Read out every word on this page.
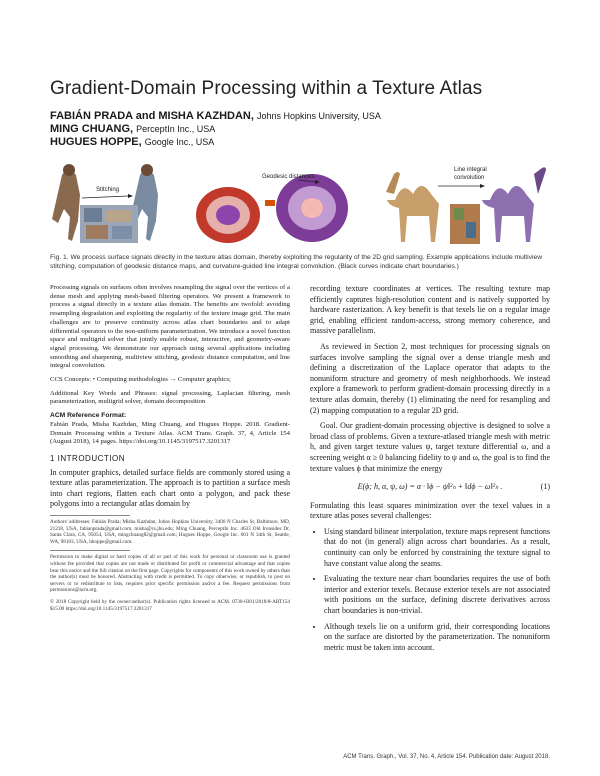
Gradient-Domain Processing within a Texture Atlas
FABIÁN PRADA and MISHA KAZHDAN, Johns Hopkins University, USA
MING CHUANG, PerceptIn Inc., USA
HUGUES HOPPE, Google Inc., USA
Stitching
Geodesic distances
Line integral
convolution
Fig. 1. We process surface signals directly in the texture atlas domain, thereby exploiting the regularity of the 2D grid sampling. Example applications include multiview stitching, computation of geodesic distance maps, and curvature-guided line integral convolution. (Black curves indicate chart boundaries.)

Processing signals on surfaces often involves resampling the signal over the vertices of a dense mesh and applying mesh-based filtering operators. We present a framework to process a signal directly in a texture atlas domain. The benefits are twofold: avoiding resampling degradation and exploiting the regularity of the texture image grid. The main challenges are to preserve continuity across atlas chart boundaries and to adapt differential operators to the non-uniform parameterization. We introduce a novel function space and multigrid solver that jointly enable robust, interactive, and geometry-aware signal processing. We demonstrate our approach using several applications including smoothing and sharpening, multiview stitching, geodesic distance computation, and line integral convolution.

CCS Concepts: • Computing methodologies → Computer graphics;

Additional Key Words and Phrases: signal processing, Laplacian filtering, mesh parameterization, multigrid solver, domain decomposition

ACM Reference Format:

Fabián Prada, Misha Kazhdan, Ming Chuang, and Hugues Hoppe. 2018. Gradient-Domain Processing within a Texture Atlas. ACM Trans. Graph. 37, 4, Article 154 (August 2018), 14 pages. https://doi.org/10.1145/3197517.3201317

1 INTRODUCTION

In computer graphics, detailed surface fields are commonly stored using a texture atlas parameterization. The approach is to partition a surface mesh into chart regions, flatten each chart onto a polygon, and pack these polygons into a rectangular atlas domain by

Authors' addresses: Fabián Prada; Misha Kazhdan, Johns Hopkins University, 3400 N Charles St, Baltimore, MD, 21218, USA, fabianprada@gmail.com, misha@cs.jhu.edu; Ming Chuang, PerceptIn Inc. 4633 Old Ironsides Dr, Santa Clara, CA, 95054, USA, mingchuang82@gmail.com; Hugues Hoppe, Google Inc. 601 N 34th St, Seattle, WA, 98103, USA, hhoppe@gmail.com.

Permission to make digital or hard copies of all or part of this work for personal or classroom use is granted without fee provided that copies are not made or distributed for profit or commercial advantage and that copies bear this notice and the full citation on the first page. Copyrights for components of this work owned by others than the author(s) must be honored. Abstracting with credit is permitted. To copy otherwise, or republish, to post on servers or to redistribute to lists, requires prior specific permission and/or a fee. Request permissions from permissions@acm.org.

© 2018 Copyright held by the owner/author(s). Publication rights licensed to ACM. 0730-0301/2018/8-ART154 $15.00 https://doi.org/10.1145/3197517.3201317

recording texture coordinates at vertices. The resulting texture map efficiently captures high-resolution content and is natively supported by hardware rasterization. A key benefit is that texels lie on a regular image grid, enabling efficient random-access, strong memory coherence, and massive parallelism.

As reviewed in Section 2, most techniques for processing signals on surfaces involve sampling the signal over a dense triangle mesh and defining a discretization of the Laplace operator that adapts to the nonuniform structure and geometry of mesh neighborhoods. We instead explore a framework to perform gradient-domain processing directly in a texture atlas domain, thereby (1) eliminating the need for resampling and (2) mapping computation to a regular 2D grid.

Goal. Our gradient-domain processing objective is designed to solve a broad class of problems. Given a texture-atlased triangle mesh with metric h, and given target texture values ψ, target texture differential ω, and a screening weight α ≥ 0 balancing fidelity to ψ and ω, the goal is to find the texture values ϕ that minimize the energy

E(ϕ; h, α, ψ, ω) = α · ‖ϕ − ψ‖²ₕ + ‖dϕ − ω‖²ₕ .	(1)

Formulating this least squares minimization over the texel values in a texture atlas poses several challenges:

• Using standard bilinear interpolation, texture maps represent functions that do not (in general) align across chart boundaries. As a result, continuity can only be enforced by constraining the texture signal to have constant value along the seams.
• Evaluating the texture near chart boundaries requires the use of both interior and exterior texels. Because exterior texels are not associated with positions on the surface, defining discrete derivatives across chart boundaries is non-trivial.
• Although texels lie on a uniform grid, their corresponding locations on the surface are distorted by the parameterization. The nonuniform metric must be taken into account.
ACM Trans. Graph., Vol. 37, No. 4, Article 154. Publication date: August 2018.
